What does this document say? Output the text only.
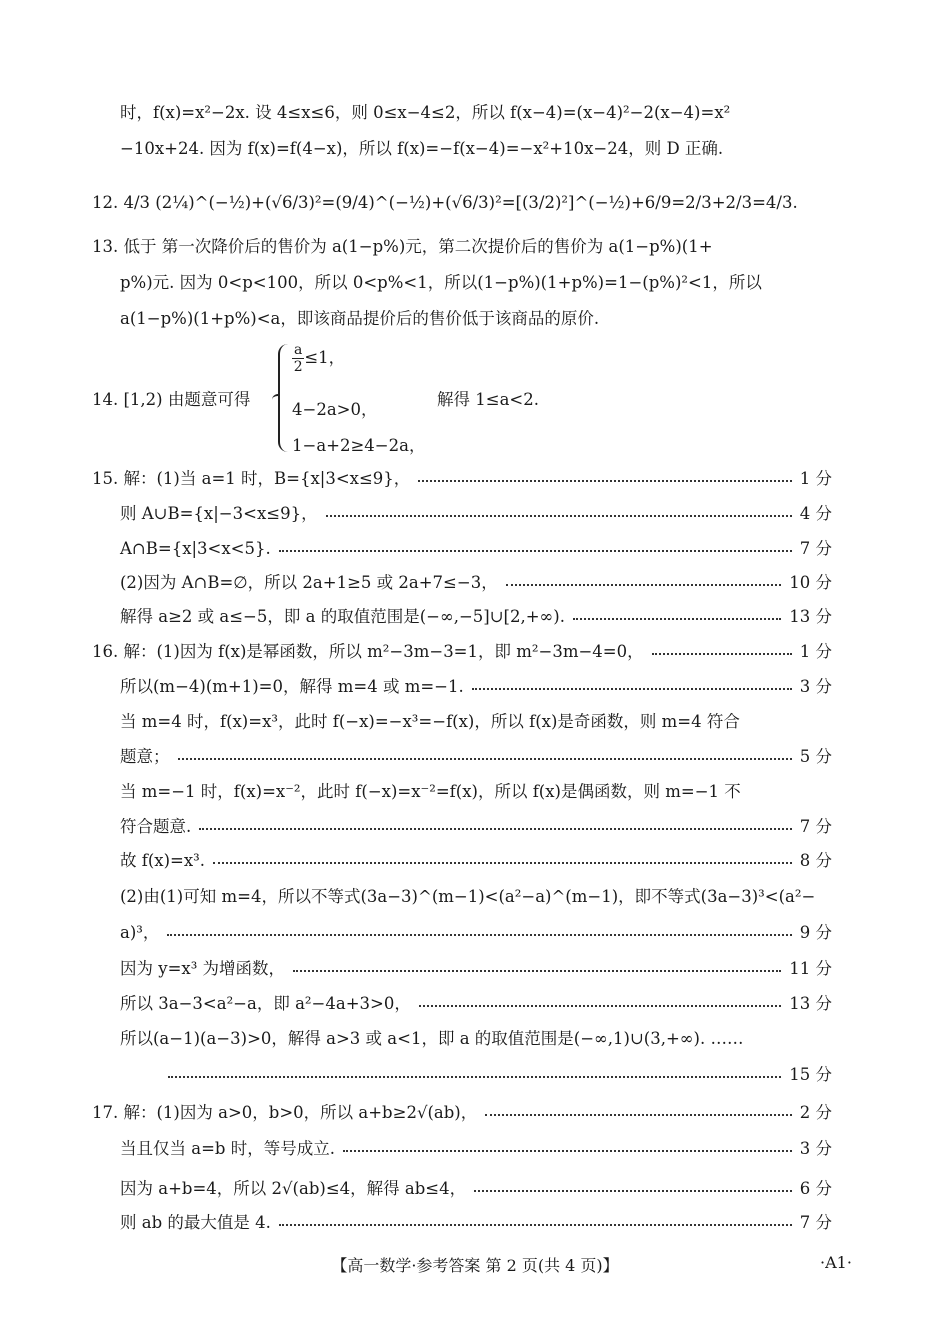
时，f(x)=x²−2x. 设 4≤x≤6，则 0≤x−4≤2，所以 f(x−4)=(x−4)²−2(x−4)=x²
−10x+24. 因为 f(x)=f(4−x)，所以 f(x)=−f(x−4)=−x²+10x−24，则 D 正确.
12. 4/3 (2¼)^(−½)+(√6/3)²=(9/4)^(−½)+(√6/3)²=[(3/2)²]^(−½)+6/9=2/3+2/3=4/3.
13. 低于 第一次降价后的售价为 a(1−p%)元，第二次提价后的售价为 a(1−p%)(1+
p%)元. 因为 0<p<100，所以 0<p%<1，所以(1−p%)(1+p%)=1−(p%)²<1，所以
a(1−p%)(1+p%)<a，即该商品提价后的售价低于该商品的原价.
14. [1,2) 由题意可得
$\frac{a}{2}\le 1$，
4−2a>0，
1−a+2≥4−2a，
解得 1≤a<2.
15. 解：(1)当 a=1 时，B={x|3<x≤9}，	1 分
则 A∪B={x|−3<x≤9}，	4 分
A∩B={x|3<x<5}.	7 分
(2)因为 A∩B=∅，所以 2a+1≥5 或 2a+7≤−3，	10 分
解得 a≥2 或 a≤−5，即 a 的取值范围是(−∞,−5]∪[2,+∞).	13 分
16. 解：(1)因为 f(x)是幂函数，所以 m²−3m−3=1，即 m²−3m−4=0，	1 分
所以(m−4)(m+1)=0，解得 m=4 或 m=−1.	3 分
当 m=4 时，f(x)=x³，此时 f(−x)=−x³=−f(x)，所以 f(x)是奇函数，则 m=4 符合
题意；	5 分
当 m=−1 时，f(x)=x⁻²，此时 f(−x)=x⁻²=f(x)，所以 f(x)是偶函数，则 m=−1 不
符合题意.	7 分
故 f(x)=x³.	8 分
(2)由(1)可知 m=4，所以不等式(3a−3)^(m−1)<(a²−a)^(m−1)，即不等式(3a−3)³<(a²−
a)³，	9 分
因为 y=x³ 为增函数，	11 分
所以 3a−3<a²−a，即 a²−4a+3>0，	13 分
所以(a−1)(a−3)>0，解得 a>3 或 a<1，即 a 的取值范围是(−∞,1)∪(3,+∞). ……
15 分
17. 解：(1)因为 a>0，b>0，所以 a+b≥2√(ab)，	2 分
当且仅当 a=b 时，等号成立.	3 分
因为 a+b=4，所以 2√(ab)≤4，解得 ab≤4，	6 分
则 ab 的最大值是 4.	7 分
【高一数学·参考答案 第 2 页(共 4 页)】	·A1·
